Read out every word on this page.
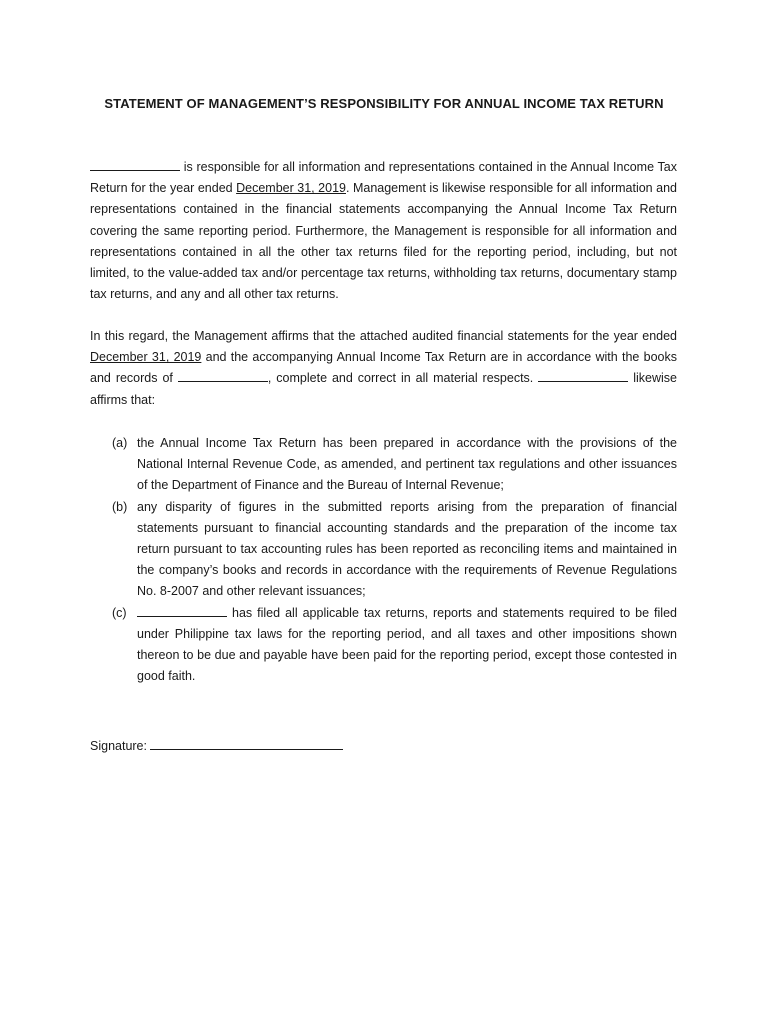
STATEMENT OF MANAGEMENT’S RESPONSIBILITY FOR ANNUAL INCOME TAX RETURN

is responsible for all information and representations contained in the Annual Income Tax Return for the year ended December 31, 2019. Management is likewise responsible for all information and representations contained in the financial statements accompanying the Annual Income Tax Return covering the same reporting period. Furthermore, the Management is responsible for all information and representations contained in all the other tax returns filed for the reporting period, including, but not limited, to the value-added tax and/or percentage tax returns, withholding tax returns, documentary stamp tax returns, and any and all other tax returns.

In this regard, the Management affirms that the attached audited financial statements for the year ended December 31, 2019 and the accompanying Annual Income Tax Return are in accordance with the books and records of	, complete and correct in all material respects.	likewise affirms that:

(a) the Annual Income Tax Return has been prepared in accordance with the provisions of the National Internal Revenue Code, as amended, and pertinent tax regulations and other issuances of the Department of Finance and the Bureau of Internal Revenue;
(b) any disparity of figures in the submitted reports arising from the preparation of financial statements pursuant to financial accounting standards and the preparation of the income tax return pursuant to tax accounting rules has been reported as reconciling items and maintained in the company’s books and records in accordance with the requirements of Revenue Regulations No. 8-2007 and other relevant issuances;
(c)	has filed all applicable tax returns, reports and statements required to be filed under Philippine tax laws for the reporting period, and all taxes and other impositions shown thereon to be due and payable have been paid for the reporting period, except those contested in good faith.
Signature:
